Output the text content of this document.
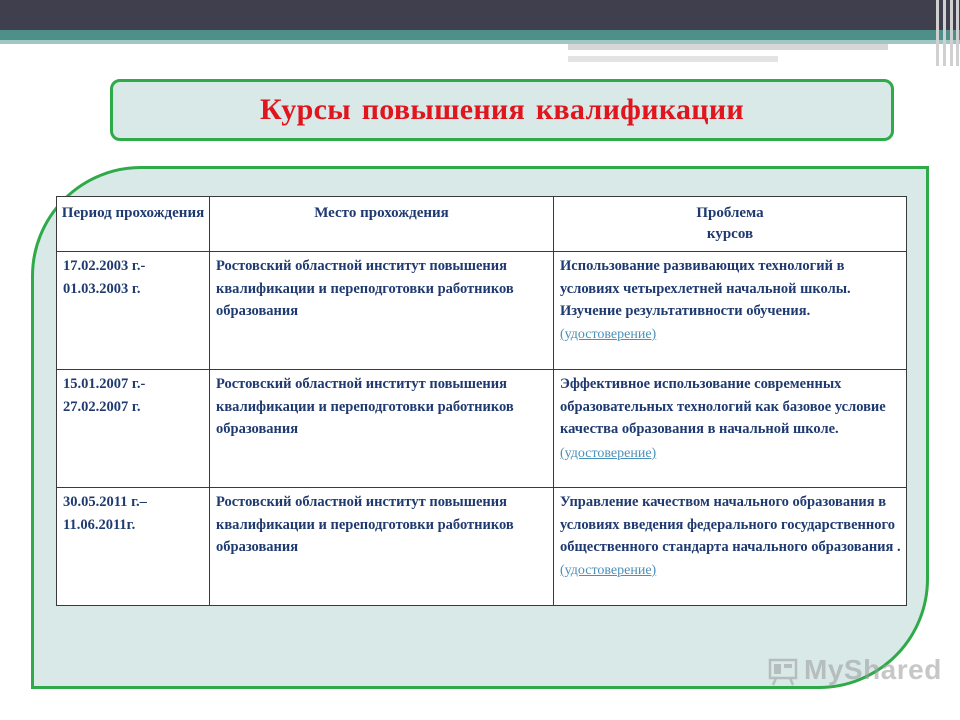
Курсы повышения квалификации
Период прохождения	Место прохождения	Проблема
курсов
17.02.2003 г.-
01.03.2003 г.	Ростовский областной институт повышения квалификации и переподготовки работников образования	Использование развивающих технологий в условиях четырехлетней начальной школы. Изучение результативности обучения. (удостоверение)
15.01.2007 г.-
27.02.2007 г.	Ростовский областной институт повышения квалификации и переподготовки работников образования	Эффективное использование современных образовательных технологий как базовое условие качества образования в начальной школе. (удостоверение)
30.05.2011 г.–
11.06.2011г.	Ростовский областной институт повышения квалификации и переподготовки работников образования	Управление качеством начального образования в условиях введения федерального государственного общественного стандарта начального образования . (удостоверение)
MyShared
